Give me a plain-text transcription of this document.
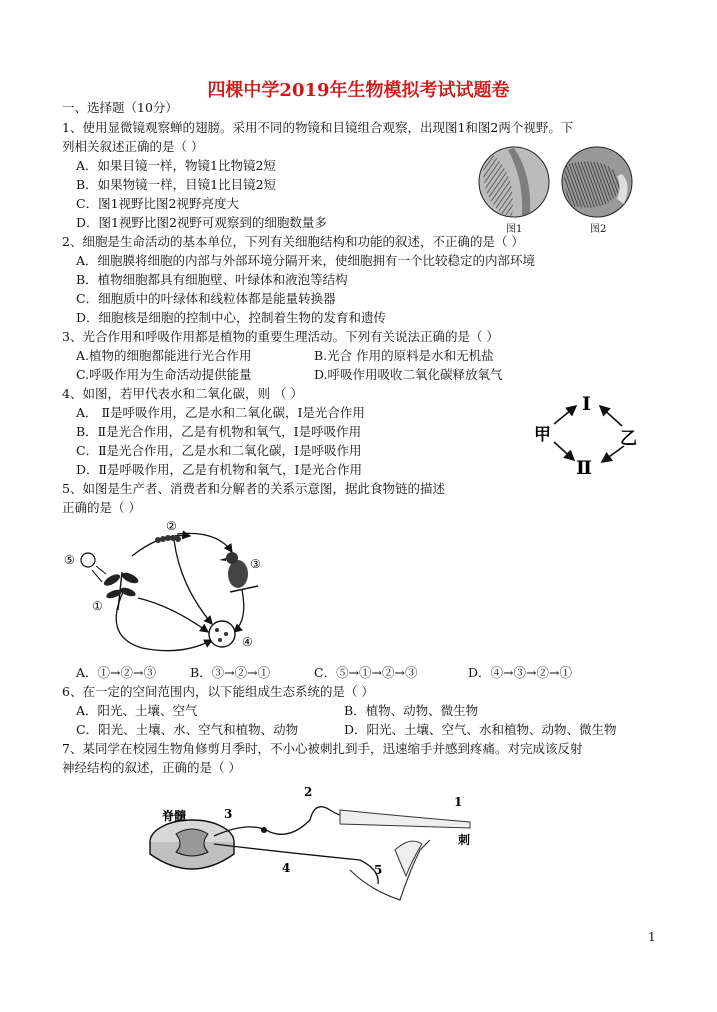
四棵中学2019年生物模拟考试试题卷
一、选择题（10分）
1、使用显微镜观察蝉的翅膀。采用不同的物镜和目镜组合观察，出现图1和图2两个视野。下
列相关叙述正确的是（ ）
A．如果目镜一样，物镜1比物镜2短
B．如果物镜一样，目镜1比目镜2短
C．图1视野比图2视野亮度大
D．图1视野比图2视野可观察到的细胞数量多	图1	图2
2、细胞是生命活动的基本单位，下列有关细胞结构和功能的叙述，不正确的是（ ）
A．细胞膜将细胞的内部与外部环境分隔开来，使细胞拥有一个比较稳定的内部环境
B．植物细胞都具有细胞壁、叶绿体和液泡等结构
C．细胞质中的叶绿体和线粒体都是能量转换器
D．细胞核是细胞的控制中心，控制着生物的发育和遗传
3、光合作用和呼吸作用都是植物的重要生理活动。下列有关说法正确的是（ ）
A.植物的细胞都能进行光合作用	B.光合 作用的原料是水和无机盐
C.呼吸作用为生命活动提供能量	D.呼吸作用吸收二氧化碳释放氧气
4、如图，若甲代表水和二氧化碳，则 （ ）
A． Ⅱ是呼吸作用，乙是水和二氧化碳，Ⅰ是光合作用
B．Ⅱ是光合作用，乙是有机物和氧气，Ⅰ是呼吸作用
C．Ⅱ是光合作用，乙是水和二氧化碳，Ⅰ是呼吸作用
D．Ⅱ是呼吸作用，乙是有机物和氧气，Ⅰ是光合作用
Ⅰ
甲	乙
Ⅱ
5、如图是生产者、消费者和分解者的关系示意图，据此食物链的描述
正确的是（ ）
⑤
①
②
③
④
A．①→②→③	B．③→②→①	C．⑤→①→②→③	D．④→③→②→①
6、在一定的空间范围内，以下能组成生态系统的是（ ）
A．阳光、土壤、空气	B．植物、动物、微生物
C．阳光、土壤、水、空气和植物、动物	D．阳光、土壤、空气、水和植物、动物、微生物
7、某同学在校园生物角修剪月季时，不小心被刺扎到手，迅速缩手并感到疼痛。对完成该反射
神经结构的叙述，正确的是（ ）
脊髓	3
2
4	5
1
刺
1
